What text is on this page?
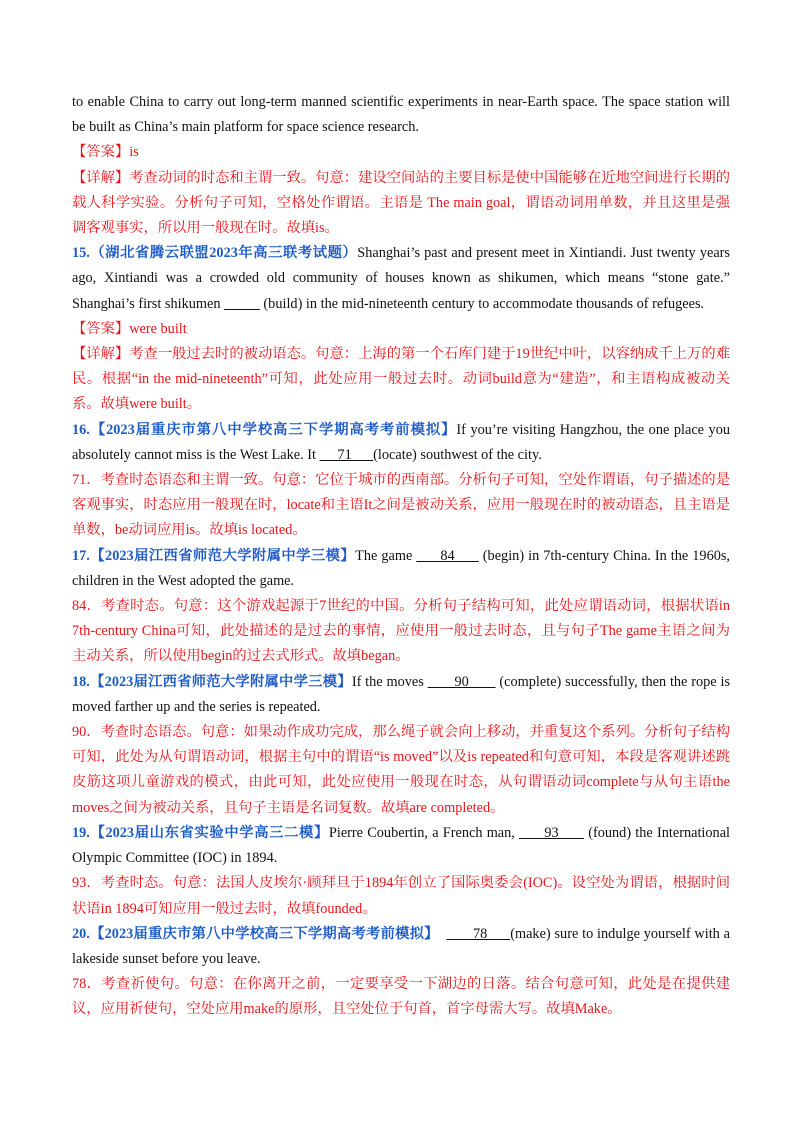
to enable China to carry out long-term manned scientific experiments in near-Earth space. The space station will be built as China’s main platform for space science research.

【答案】is

【详解】考查动词的时态和主谓一致。句意：建设空间站的主要目标是使中国能够在近地空间进行长期的载人科学实验。分析句子可知，空格处作谓语。主语是 The main goal，谓语动词用单数，并且这里是强调客观事实，所以用一般现在时。故填is。

15.（湖北省腾云联盟2023年高三联考试题）Shanghai’s past and present meet in Xintiandi. Just twenty years ago, Xintiandi was a crowded old community of houses known as shikumen, which means “stone gate.” Shanghai’s first shikumen	(build) in the mid-nineteenth century to accommodate thousands of refugees.

【答案】were built

【详解】考查一般过去时的被动语态。句意：上海的第一个石库门建于19世纪中叶，以容纳成千上万的难民。根据“in the mid-nineteenth”可知，此处应用一般过去时。动词build意为“建造”，和主语构成被动关系。故填were built。

16.【2023届重庆市第八中学校高三下学期高考考前模拟】If you’re visiting Hangzhou, the one place you absolutely cannot miss is the West Lake. It      71      (locate) southwest of the city.

71．考查时态语态和主谓一致。句意：它位于城市的西南部。分析句子可知，空处作谓语，句子描述的是客观事实，时态应用一般现在时，locate和主语It之间是被动关系，应用一般现在时的被动语态，且主语是单数，be动词应用is。故填is located。

17.【2023届江西省师范大学附属中学三模】The game       84       (begin) in 7th-century China. In the 1960s, children in the West adopted the game.

84．考查时态。句意：这个游戏起源于7世纪的中国。分析句子结构可知，此处应谓语动词，根据状语in 7th-century China可知，此处描述的是过去的事情，应使用一般过去时态，且与句子The game主语之间为主动关系，所以使用begin的过去式形式。故填began。

18.【2023届江西省师范大学附属中学三模】If the moves        90        (complete) successfully, then the rope is moved farther up and the series is repeated.

90．考查时态语态。句意：如果动作成功完成，那么绳子就会向上移动，并重复这个系列。分析句子结构可知，此处为从句谓语动词，根据主句中的谓语“is moved”以及is repeated和句意可知，本段是客观讲述跳皮筋这项儿童游戏的模式，由此可知，此处应使用一般现在时态，从句谓语动词complete与从句主语the moves之间为被动关系，且句子主语是名词复数。故填are completed。

19.【2023届山东省实验中学高三二模】Pierre Coubertin, a French man,       93       (found) the International Olympic Committee (IOC) in 1894.

93．考查时态。句意：法国人皮埃尔·顾拜旦于1894年创立了国际奥委会(IOC)。设空处为谓语，根据时间状语in 1894可知应用一般过去时，故填founded。

20.【2023届重庆市第八中学校高三下学期高考考前模拟】         78      (make) sure to indulge yourself with a lakeside sunset before you leave.

78．考查祈使句。句意：在你离开之前，一定要享受一下湖边的日落。结合句意可知，此处是在提供建议，应用祈使句，空处应用make的原形，且空处位于句首，首字母需大写。故填Make。
